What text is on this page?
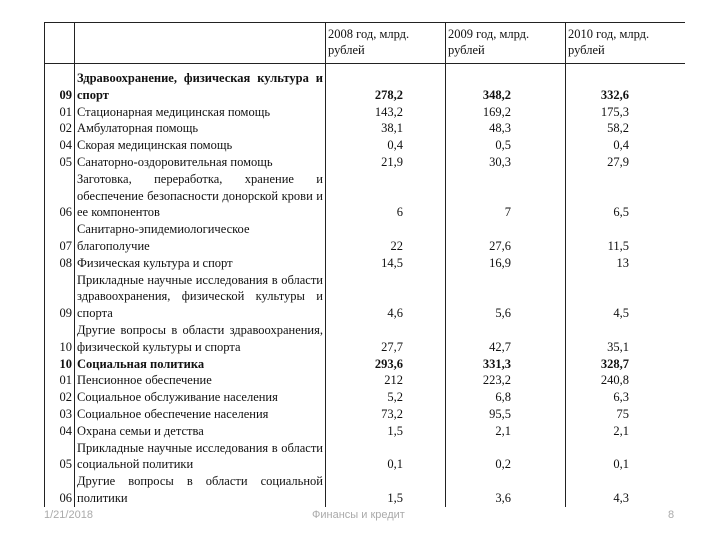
		2008 год, млрд. рублей	2009 год, млрд. рублей	2010 год, млрд. рублей
09	Здравоохранение, физическая культура и спорт	278,2	348,2	332,6
01	Стационарная медицинская помощь	143,2	169,2	175,3
02	Амбулаторная помощь	38,1	48,3	58,2
04	Скорая медицинская помощь	0,4	0,5	0,4
05	Санаторно-оздоровительная помощь	21,9	30,3	27,9
06	Заготовка, переработка, хранение и обеспечение безопасности донорской крови и ее компонентов	6	7	6,5
07	Санитарно-эпидемиологическое благополучие	22	27,6	11,5
08	Физическая культура и спорт	14,5	16,9	13
09	Прикладные научные исследования в области здравоохранения, физической культуры и спорта	4,6	5,6	4,5
10	Другие вопросы в области здравоохранения, физической культуры и спорта	27,7	42,7	35,1
10	Социальная политика	293,6	331,3	328,7
01	Пенсионное обеспечение	212	223,2	240,8
02	Социальное обслуживание населения	5,2	6,8	6,3
03	Социальное обеспечение населения	73,2	95,5	75
04	Охрана семьи и детства	1,5	2,1	2,1
05	Прикладные научные исследования в области социальной политики	0,1	0,2	0,1
06	Другие вопросы в области социальной политики	1,5	3,6	4,3
1/21/2018	Финансы и кредит	8
